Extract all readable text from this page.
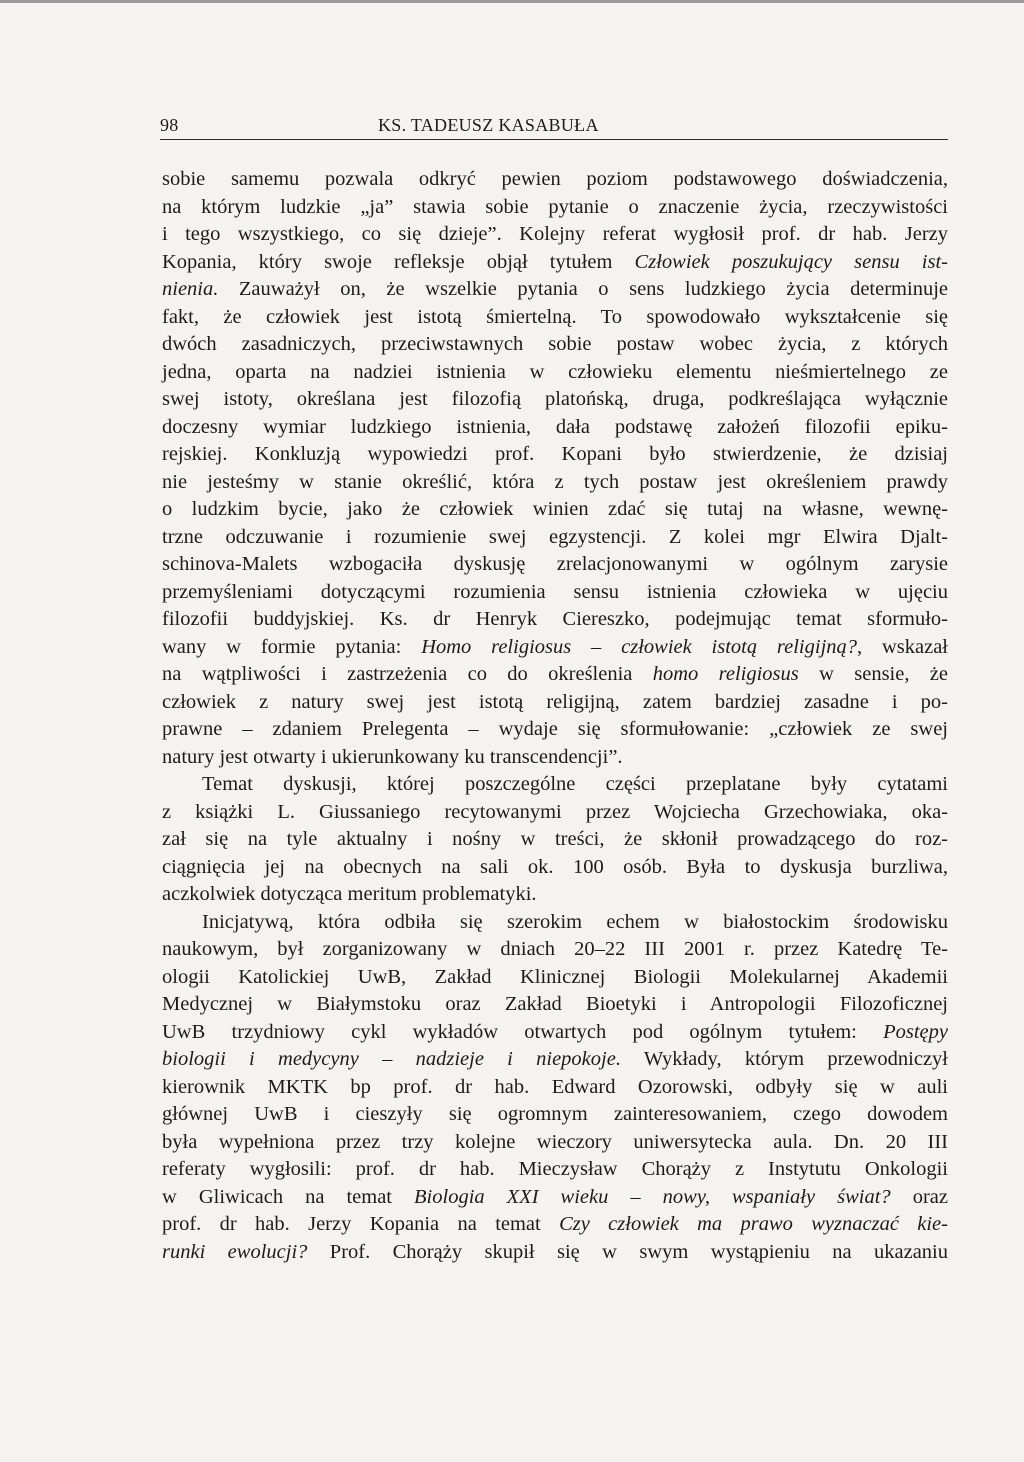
98	KS. TADEUSZ KASABUŁA
sobie samemu pozwala odkryć pewien poziom podstawowego doświadczenia,
na którym ludzkie „ja” stawia sobie pytanie o znaczenie życia, rzeczywistości
i tego wszystkiego, co się dzieje”. Kolejny referat wygłosił prof. dr hab. Jerzy
Kopania, który swoje refleksje objął tytułem Człowiek poszukujący sensu ist-
nienia. Zauważył on, że wszelkie pytania o sens ludzkiego życia determinuje
fakt, że człowiek jest istotą śmiertelną. To spowodowało wykształcenie się
dwóch zasadniczych, przeciwstawnych sobie postaw wobec życia, z których
jedna, oparta na nadziei istnienia w człowieku elementu nieśmiertelnego ze
swej istoty, określana jest filozofią platońską, druga, podkreślająca wyłącznie
doczesny wymiar ludzkiego istnienia, dała podstawę założeń filozofii epiku-
rejskiej. Konkluzją wypowiedzi prof. Kopani było stwierdzenie, że dzisiaj
nie jesteśmy w stanie określić, która z tych postaw jest określeniem prawdy
o ludzkim bycie, jako że człowiek winien zdać się tutaj na własne, wewnę-
trzne odczuwanie i rozumienie swej egzystencji. Z kolei mgr Elwira Djalt-
schinova-Malets wzbogaciła dyskusję zrelacjonowanymi w ogólnym zarysie
przemyśleniami dotyczącymi rozumienia sensu istnienia człowieka w ujęciu
filozofii buddyjskiej. Ks. dr Henryk Ciereszko, podejmując temat sformuło-
wany w formie pytania: Homo religiosus – człowiek istotą religijną?, wskazał
na wątpliwości i zastrzeżenia co do określenia homo religiosus w sensie, że
człowiek z natury swej jest istotą religijną, zatem bardziej zasadne i po-
prawne – zdaniem Prelegenta – wydaje się sformułowanie: „człowiek ze swej
natury jest otwarty i ukierunkowany ku transcendencji”.
Temat dyskusji, której poszczególne części przeplatane były cytatami
z książki L. Giussaniego recytowanymi przez Wojciecha Grzechowiaka, oka-
zał się na tyle aktualny i nośny w treści, że skłonił prowadzącego do roz-
ciągnięcia jej na obecnych na sali ok. 100 osób. Była to dyskusja burzliwa,
aczkolwiek dotycząca meritum problematyki.
Inicjatywą, która odbiła się szerokim echem w białostockim środowisku
naukowym, był zorganizowany w dniach 20–22 III 2001 r. przez Katedrę Te-
ologii Katolickiej UwB, Zakład Klinicznej Biologii Molekularnej Akademii
Medycznej w Białymstoku oraz Zakład Bioetyki i Antropologii Filozoficznej
UwB trzydniowy cykl wykładów otwartych pod ogólnym tytułem: Postępy
biologii i medycyny – nadzieje i niepokoje. Wykłady, którym przewodniczył
kierownik MKTK bp prof. dr hab. Edward Ozorowski, odbyły się w auli
głównej UwB i cieszyły się ogromnym zainteresowaniem, czego dowodem
była wypełniona przez trzy kolejne wieczory uniwersytecka aula. Dn. 20 III
referaty wygłosili: prof. dr hab. Mieczysław Chorąży z Instytutu Onkologii
w Gliwicach na temat Biologia XXI wieku – nowy, wspaniały świat? oraz
prof. dr hab. Jerzy Kopania na temat Czy człowiek ma prawo wyznaczać kie-
runki ewolucji? Prof. Chorąży skupił się w swym wystąpieniu na ukazaniu
